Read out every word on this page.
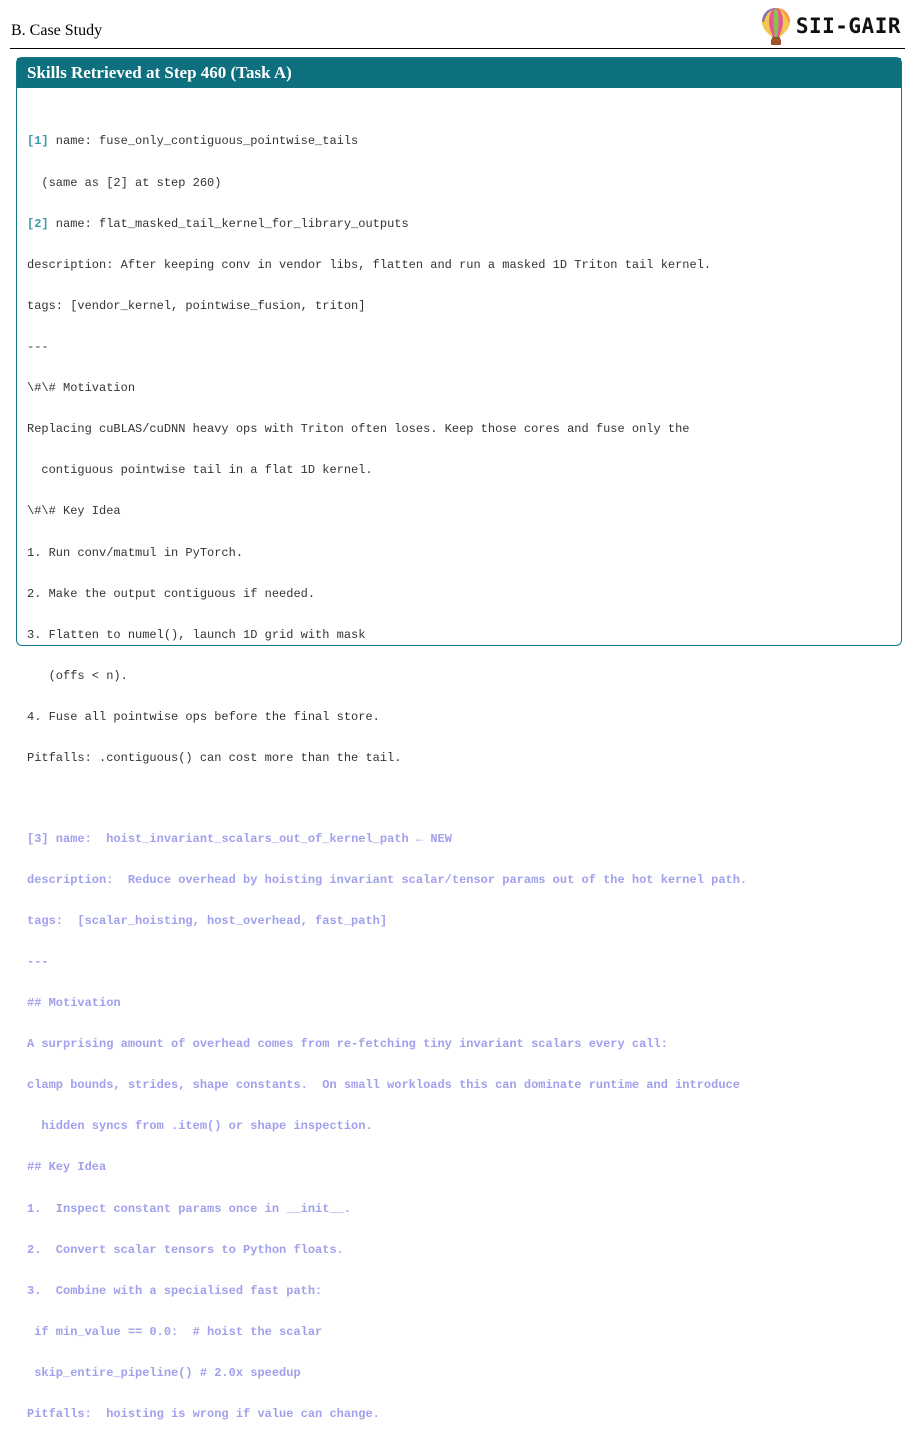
B. Case Study	SII-GAIR
Skills Retrieved at Step 460 (Task A)

[1] name: fuse_only_contiguous_pointwise_tails

(same as [2] at step 260)

[2] name: flat_masked_tail_kernel_for_library_outputs

description: After keeping conv in vendor libs, flatten and run a masked 1D Triton tail kernel.

tags: [vendor_kernel, pointwise_fusion, triton]

---

\#\# Motivation

Replacing cuBLAS/cuDNN heavy ops with Triton often loses. Keep those cores and fuse only the

contiguous pointwise tail in a flat 1D kernel.

\#\# Key Idea

1. Run conv/matmul in PyTorch.

2. Make the output contiguous if needed.

3. Flatten to numel(), launch 1D grid with mask

(offs < n).

4. Fuse all pointwise ops before the final store.

Pitfalls: .contiguous() can cost more than the tail.

[3] name:  hoist_invariant_scalars_out_of_kernel_path ← NEW

description:  Reduce overhead by hoisting invariant scalar/tensor params out of the hot kernel path.

tags:  [scalar_hoisting, host_overhead, fast_path]

---

## Motivation

A surprising amount of overhead comes from re-fetching tiny invariant scalars every call:

clamp bounds, strides, shape constants.  On small workloads this can dominate runtime and introduce

hidden syncs from .item() or shape inspection.

## Key Idea

1.  Inspect constant params once in __init__.

2.  Convert scalar tensors to Python floats.

3.  Combine with a specialised fast path:

if min_value == 0.0:  # hoist the scalar

skip_entire_pipeline() # 2.0x speedup

Pitfalls:  hoisting is wrong if value can change.
